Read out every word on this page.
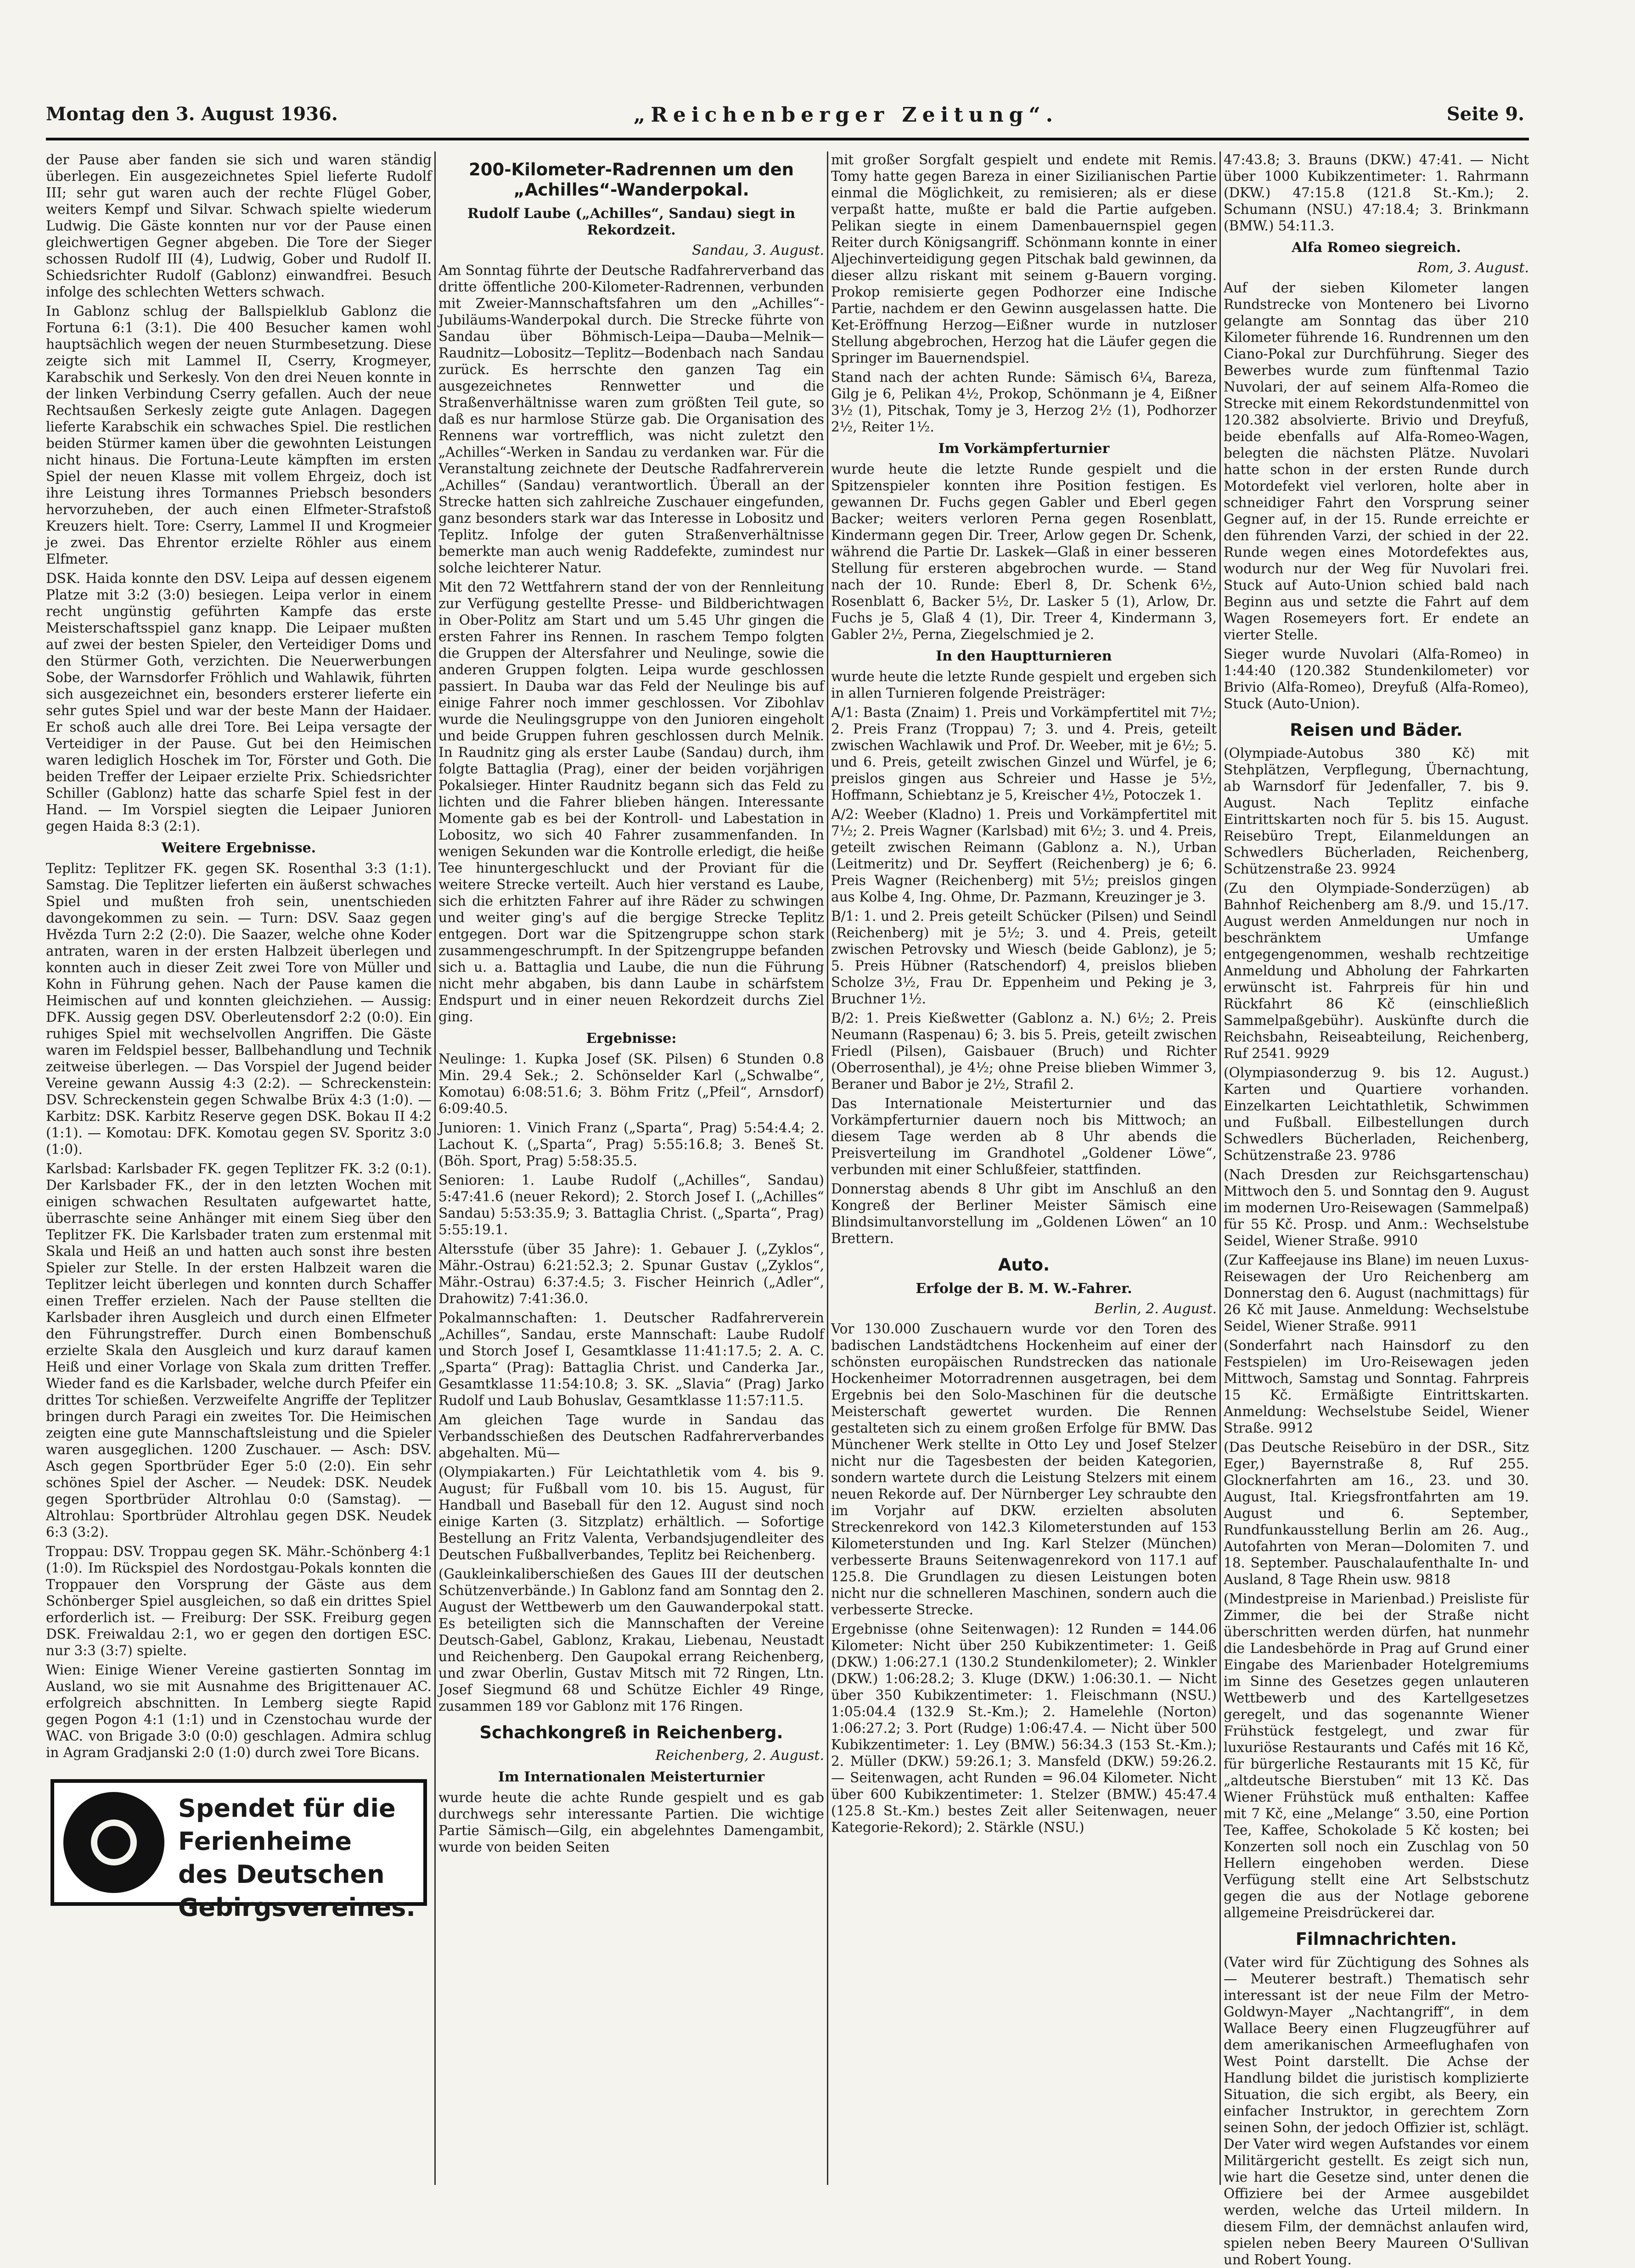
Montag den 3. August 1936.	„Reichenberger Zeitung“.	Seite 9.

der Pause aber fanden sie sich und waren ständig überlegen. Ein ausgezeichnetes Spiel lieferte Rudolf III; sehr gut waren auch der rechte Flügel Gober, weiters Kempf und Silvar. Schwach spielte wiederum Ludwig. Die Gäste konnten nur vor der Pause einen gleichwertigen Gegner abgeben. Die Tore der Sieger schossen Rudolf III (4), Ludwig, Gober und Rudolf II. Schiedsrichter Rudolf (Gablonz) einwandfrei. Besuch infolge des schlechten Wetters schwach.

In Gablonz schlug der Ballspielklub Gablonz die Fortuna 6:1 (3:1). Die 400 Besucher kamen wohl hauptsächlich wegen der neuen Sturmbesetzung. Diese zeigte sich mit Lammel II, Cserry, Krogmeyer, Karabschik und Serkesly. Von den drei Neuen konnte in der linken Verbindung Cserry gefallen. Auch der neue Rechtsaußen Serkesly zeigte gute Anlagen. Dagegen lieferte Karabschik ein schwaches Spiel. Die restlichen beiden Stürmer kamen über die gewohnten Leistungen nicht hinaus. Die Fortuna-Leute kämpften im ersten Spiel der neuen Klasse mit vollem Ehrgeiz, doch ist ihre Leistung ihres Tormannes Priebsch besonders hervorzuheben, der auch einen Elfmeter-Strafstoß Kreuzers hielt. Tore: Cserry, Lammel II und Krogmeier je zwei. Das Ehrentor erzielte Röhler aus einem Elfmeter.

DSK. Haida konnte den DSV. Leipa auf dessen eigenem Platze mit 3:2 (3:0) besiegen. Leipa verlor in einem recht ungünstig geführten Kampfe das erste Meisterschaftsspiel ganz knapp. Die Leipaer mußten auf zwei der besten Spieler, den Verteidiger Doms und den Stürmer Goth, verzichten. Die Neuerwerbungen Sobe, der Warnsdorfer Fröhlich und Wahlawik, führten sich ausgezeichnet ein, besonders ersterer lieferte ein sehr gutes Spiel und war der beste Mann der Haidaer. Er schoß auch alle drei Tore. Bei Leipa versagte der Verteidiger in der Pause. Gut bei den Heimischen waren lediglich Hoschek im Tor, Förster und Goth. Die beiden Treffer der Leipaer erzielte Prix. Schiedsrichter Schiller (Gablonz) hatte das scharfe Spiel fest in der Hand. — Im Vorspiel siegten die Leipaer Junioren gegen Haida 8:3 (2:1).

Weitere Ergebnisse.

Teplitz: Teplitzer FK. gegen SK. Rosenthal 3:3 (1:1). Samstag. Die Teplitzer lieferten ein äußerst schwaches Spiel und mußten froh sein, unentschieden davongekommen zu sein. — Turn: DSV. Saaz gegen Hvězda Turn 2:2 (2:0). Die Saazer, welche ohne Koder antraten, waren in der ersten Halbzeit überlegen und konnten auch in dieser Zeit zwei Tore von Müller und Kohn in Führung gehen. Nach der Pause kamen die Heimischen auf und konnten gleichziehen. — Aussig: DFK. Aussig gegen DSV. Oberleutensdorf 2:2 (0:0). Ein ruhiges Spiel mit wechselvollen Angriffen. Die Gäste waren im Feldspiel besser, Ballbehandlung und Technik zeitweise überlegen. — Das Vorspiel der Jugend beider Vereine gewann Aussig 4:3 (2:2). — Schreckenstein: DSV. Schreckenstein gegen Schwalbe Brüx 4:3 (1:0). — Karbitz: DSK. Karbitz Reserve gegen DSK. Bokau II 4:2 (1:1). — Komotau: DFK. Komotau gegen SV. Sporitz 3:0 (1:0).

Karlsbad: Karlsbader FK. gegen Teplitzer FK. 3:2 (0:1). Der Karlsbader FK., der in den letzten Wochen mit einigen schwachen Resultaten aufgewartet hatte, überraschte seine Anhänger mit einem Sieg über den Teplitzer FK. Die Karlsbader traten zum erstenmal mit Skala und Heiß an und hatten auch sonst ihre besten Spieler zur Stelle. In der ersten Halbzeit waren die Teplitzer leicht überlegen und konnten durch Schaffer einen Treffer erzielen. Nach der Pause stellten die Karlsbader ihren Ausgleich und durch einen Elfmeter den Führungstreffer. Durch einen Bombenschuß erzielte Skala den Ausgleich und kurz darauf kamen Heiß und einer Vorlage von Skala zum dritten Treffer. Wieder fand es die Karlsbader, welche durch Pfeifer ein drittes Tor schießen. Verzweifelte Angriffe der Teplitzer bringen durch Paragi ein zweites Tor. Die Heimischen zeigten eine gute Mannschaftsleistung und die Spieler waren ausgeglichen. 1200 Zuschauer. — Asch: DSV. Asch gegen Sportbrüder Eger 5:0 (2:0). Ein sehr schönes Spiel der Ascher. — Neudek: DSK. Neudek gegen Sportbrüder Altrohlau 0:0 (Samstag). — Altrohlau: Sportbrüder Altrohlau gegen DSK. Neudek 6:3 (3:2).

Troppau: DSV. Troppau gegen SK. Mähr.-Schönberg 4:1 (1:0). Im Rückspiel des Nordostgau-Pokals konnten die Troppauer den Vorsprung der Gäste aus dem Schönberger Spiel ausgleichen, so daß ein drittes Spiel erforderlich ist. — Freiburg: Der SSK. Freiburg gegen DSK. Freiwaldau 2:1, wo er gegen den dortigen ESC. nur 3:3 (3:7) spielte.

Wien: Einige Wiener Vereine gastierten Sonntag im Ausland, wo sie mit Ausnahme des Brigittenauer AC. erfolgreich abschnitten. In Lemberg siegte Rapid gegen Pogon 4:1 (1:1) und in Czenstochau wurde der WAC. von Brigade 3:0 (0:0) geschlagen. Admira schlug in Agram Gradjanski 2:0 (1:0) durch zwei Tore Bicans.

Spendet für die
Ferienheime
des Deutschen
Gebirgsvereines.
200-Kilometer-Radrennen um den „Achilles“-Wanderpokal.
Rudolf Laube („Achilles“, Sandau) siegt in Rekordzeit.
Sandau, 3. August.

Am Sonntag führte der Deutsche Radfahrerverband das dritte öffentliche 200-Kilometer-Radrennen, verbunden mit Zweier-Mannschaftsfahren um den „Achilles“-Jubiläums-Wanderpokal durch. Die Strecke führte von Sandau über Böhmisch-Leipa—Dauba—Melnik—Raudnitz—Lobositz—Teplitz—Bodenbach nach Sandau zurück. Es herrschte den ganzen Tag ein ausgezeichnetes Rennwetter und die Straßenverhältnisse waren zum größten Teil gute, so daß es nur harmlose Stürze gab. Die Organisation des Rennens war vortrefflich, was nicht zuletzt den „Achilles“-Werken in Sandau zu verdanken war. Für die Veranstaltung zeichnete der Deutsche Radfahrerverein „Achilles“ (Sandau) verantwortlich. Überall an der Strecke hatten sich zahlreiche Zuschauer eingefunden, ganz besonders stark war das Interesse in Lobositz und Teplitz. Infolge der guten Straßenverhältnisse bemerkte man auch wenig Raddefekte, zumindest nur solche leichterer Natur.

Mit den 72 Wettfahrern stand der von der Rennleitung zur Verfügung gestellte Presse- und Bildberichtwagen in Ober-Politz am Start und um 5.45 Uhr gingen die ersten Fahrer ins Rennen. In raschem Tempo folgten die Gruppen der Altersfahrer und Neulinge, sowie die anderen Gruppen folgten. Leipa wurde geschlossen passiert. In Dauba war das Feld der Neulinge bis auf einige Fahrer noch immer geschlossen. Vor Zibohlav wurde die Neulingsgruppe von den Junioren eingeholt und beide Gruppen fuhren geschlossen durch Melnik. In Raudnitz ging als erster Laube (Sandau) durch, ihm folgte Battaglia (Prag), einer der beiden vorjährigen Pokalsieger. Hinter Raudnitz begann sich das Feld zu lichten und die Fahrer blieben hängen. Interessante Momente gab es bei der Kontroll- und Labestation in Lobositz, wo sich 40 Fahrer zusammenfanden. In wenigen Sekunden war die Kontrolle erledigt, die heiße Tee hinuntergeschluckt und der Proviant für die weitere Strecke verteilt. Auch hier verstand es Laube, sich die erhitzten Fahrer auf ihre Räder zu schwingen und weiter ging's auf die bergige Strecke Teplitz entgegen. Dort war die Spitzengruppe schon stark zusammengeschrumpft. In der Spitzengruppe befanden sich u. a. Battaglia und Laube, die nun die Führung nicht mehr abgaben, bis dann Laube in schärfstem Endspurt und in einer neuen Rekordzeit durchs Ziel ging.

Ergebnisse:

Neulinge: 1. Kupka Josef (SK. Pilsen) 6 Stunden 0.8 Min. 29.4 Sek.; 2. Schönselder Karl („Schwalbe“, Komotau) 6:08:51.6; 3. Böhm Fritz („Pfeil“, Arnsdorf) 6:09:40.5.

Junioren: 1. Vinich Franz („Sparta“, Prag) 5:54:4.4; 2. Lachout K. („Sparta“, Prag) 5:55:16.8; 3. Beneš St. (Böh. Sport, Prag) 5:58:35.5.

Senioren: 1. Laube Rudolf („Achilles“, Sandau) 5:47:41.6 (neuer Rekord); 2. Storch Josef I. („Achilles“ Sandau) 5:53:35.9; 3. Battaglia Christ. („Sparta“, Prag) 5:55:19.1.

Altersstufe (über 35 Jahre): 1. Gebauer J. („Zyklos“, Mähr.-Ostrau) 6:21:52.3; 2. Spunar Gustav („Zyklos“, Mähr.-Ostrau) 6:37:4.5; 3. Fischer Heinrich („Adler“, Drahowitz) 7:41:36.0.

Pokalmannschaften: 1. Deutscher Radfahrerverein „Achilles“, Sandau, erste Mannschaft: Laube Rudolf und Storch Josef I, Gesamtklasse 11:41:17.5; 2. A. C. „Sparta“ (Prag): Battaglia Christ. und Canderka Jar., Gesamtklasse 11:54:10.8; 3. SK. „Slavia“ (Prag) Jarko Rudolf und Laub Bohuslav, Gesamtklasse 11:57:11.5.

Am gleichen Tage wurde in Sandau das Verbandsschießen des Deutschen Radfahrerverbandes abgehalten. Mü—

(Olympiakarten.) Für Leichtathletik vom 4. bis 9. August; für Fußball vom 10. bis 15. August, für Handball und Baseball für den 12. August sind noch einige Karten (3. Sitzplatz) erhältlich. — Sofortige Bestellung an Fritz Valenta, Verbandsjugendleiter des Deutschen Fußballverbandes, Teplitz bei Reichenberg.

(Gaukleinkaliberschießen des Gaues III der deutschen Schützenverbände.) In Gablonz fand am Sonntag den 2. August der Wettbewerb um den Gauwanderpokal statt. Es beteiligten sich die Mannschaften der Vereine Deutsch-Gabel, Gablonz, Krakau, Liebenau, Neustadt und Reichenberg. Den Gaupokal errang Reichenberg, und zwar Oberlin, Gustav Mitsch mit 72 Ringen, Ltn. Josef Siegmund 68 und Schütze Eichler 49 Ringe, zusammen 189 vor Gablonz mit 176 Ringen.

Schachkongreß in Reichenberg.
Reichenberg, 2. August.
Im Internationalen Meisterturnier

wurde heute die achte Runde gespielt und es gab durchwegs sehr interessante Partien. Die wichtige Partie Sämisch—Gilg, ein abgelehntes Damengambit, wurde von beiden Seiten

mit großer Sorgfalt gespielt und endete mit Remis. Tomy hatte gegen Bareza in einer Sizilianischen Partie einmal die Möglichkeit, zu remisieren; als er diese verpaßt hatte, mußte er bald die Partie aufgeben. Pelikan siegte in einem Damenbauernspiel gegen Reiter durch Königsangriff. Schönmann konnte in einer Aljechinverteidigung gegen Pitschak bald gewinnen, da dieser allzu riskant mit seinem g-Bauern vorging. Prokop remisierte gegen Podhorzer eine Indische Partie, nachdem er den Gewinn ausgelassen hatte. Die Ket-Eröffnung Herzog—Eißner wurde in nutzloser Stellung abgebrochen, Herzog hat die Läufer gegen die Springer im Bauernendspiel.

Stand nach der achten Runde: Sämisch 6¼, Bareza, Gilg je 6, Pelikan 4½, Prokop, Schönmann je 4, Eißner 3½ (1), Pitschak, Tomy je 3, Herzog 2½ (1), Podhorzer 2½, Reiter 1½.

Im Vorkämpferturnier

wurde heute die letzte Runde gespielt und die Spitzenspieler konnten ihre Position festigen. Es gewannen Dr. Fuchs gegen Gabler und Eberl gegen Backer; weiters verloren Perna gegen Rosenblatt, Kindermann gegen Dir. Treer, Arlow gegen Dr. Schenk, während die Partie Dr. Laskek—Glaß in einer besseren Stellung für ersteren abgebrochen wurde. — Stand nach der 10. Runde: Eberl 8, Dr. Schenk 6½, Rosenblatt 6, Backer 5½, Dr. Lasker 5 (1), Arlow, Dr. Fuchs je 5, Glaß 4 (1), Dir. Treer 4, Kindermann 3, Gabler 2½, Perna, Ziegelschmied je 2.

In den Hauptturnieren

wurde heute die letzte Runde gespielt und ergeben sich in allen Turnieren folgende Preisträger:

A/1: Basta (Znaim) 1. Preis und Vorkämpfertitel mit 7½; 2. Preis Franz (Troppau) 7; 3. und 4. Preis, geteilt zwischen Wachlawik und Prof. Dr. Weeber, mit je 6½; 5. und 6. Preis, geteilt zwischen Ginzel und Würfel, je 6; preislos gingen aus Schreier und Hasse je 5½, Hoffmann, Schiebtanz je 5, Kreischer 4½, Potoczek 1.

A/2: Weeber (Kladno) 1. Preis und Vorkämpfertitel mit 7½; 2. Preis Wagner (Karlsbad) mit 6½; 3. und 4. Preis, geteilt zwischen Reimann (Gablonz a. N.), Urban (Leitmeritz) und Dr. Seyffert (Reichenberg) je 6; 6. Preis Wagner (Reichenberg) mit 5½; preislos gingen aus Kolbe 4, Ing. Ohme, Dr. Pazmann, Kreuzinger je 3.

B/1: 1. und 2. Preis geteilt Schücker (Pilsen) und Seindl (Reichenberg) mit je 5½; 3. und 4. Preis, geteilt zwischen Petrovsky und Wiesch (beide Gablonz), je 5; 5. Preis Hübner (Ratschendorf) 4, preislos blieben Scholze 3½, Frau Dr. Eppenheim und Peking je 3, Bruchner 1½.

B/2: 1. Preis Kießwetter (Gablonz a. N.) 6½; 2. Preis Neumann (Raspenau) 6; 3. bis 5. Preis, geteilt zwischen Friedl (Pilsen), Gaisbauer (Bruch) und Richter (Oberrosenthal), je 4½; ohne Preise blieben Wimmer 3, Beraner und Babor je 2½, Strafil 2.

Das Internationale Meisterturnier und das Vorkämpferturnier dauern noch bis Mittwoch; an diesem Tage werden ab 8 Uhr abends die Preisverteilung im Grandhotel „Goldener Löwe“, verbunden mit einer Schlußfeier, stattfinden.

Donnerstag abends 8 Uhr gibt im Anschluß an den Kongreß der Berliner Meister Sämisch eine Blindsimultanvorstellung im „Goldenen Löwen“ an 10 Brettern.

Auto.
Erfolge der B. M. W.-Fahrer.
Berlin, 2. August.

Vor 130.000 Zuschauern wurde vor den Toren des badischen Landstädtchens Hockenheim auf einer der schönsten europäischen Rundstrecken das nationale Hockenheimer Motorradrennen ausgetragen, bei dem Ergebnis bei den Solo-Maschinen für die deutsche Meisterschaft gewertet wurden. Die Rennen gestalteten sich zu einem großen Erfolge für BMW. Das Münchener Werk stellte in Otto Ley und Josef Stelzer nicht nur die Tagesbesten der beiden Kategorien, sondern wartete durch die Leistung Stelzers mit einem neuen Rekorde auf. Der Nürnberger Ley schraubte den im Vorjahr auf DKW. erzielten absoluten Streckenrekord von 142.3 Kilometerstunden auf 153 Kilometerstunden und Ing. Karl Stelzer (München) verbesserte Brauns Seitenwagenrekord von 117.1 auf 125.8. Die Grundlagen zu diesen Leistungen boten nicht nur die schnelleren Maschinen, sondern auch die verbesserte Strecke.

Ergebnisse (ohne Seitenwagen): 12 Runden = 144.06 Kilometer: Nicht über 250 Kubikzentimeter: 1. Geiß (DKW.) 1:06:27.1 (130.2 Stundenkilometer); 2. Winkler (DKW.) 1:06:28.2; 3. Kluge (DKW.) 1:06:30.1. — Nicht über 350 Kubikzentimeter: 1. Fleischmann (NSU.) 1:05:04.4 (132.9 St.-Km.); 2. Hamelehle (Norton) 1:06:27.2; 3. Port (Rudge) 1:06:47.4. — Nicht über 500 Kubikzentimeter: 1. Ley (BMW.) 56:34.3 (153 St.-Km.); 2. Müller (DKW.) 59:26.1; 3. Mansfeld (DKW.) 59:26.2. — Seitenwagen, acht Runden = 96.04 Kilometer. Nicht über 600 Kubikzentimeter: 1. Stelzer (BMW.) 45:47.4 (125.8 St.-Km.) bestes Zeit aller Seitenwagen, neuer Kategorie-Rekord); 2. Stärkle (NSU.)

47:43.8; 3. Brauns (DKW.) 47:41. — Nicht über 1000 Kubikzentimeter: 1. Rahrmann (DKW.) 47:15.8 (121.8 St.-Km.); 2. Schumann (NSU.) 47:18.4; 3. Brinkmann (BMW.) 54:11.3.

Alfa Romeo siegreich.
Rom, 3. August.

Auf der sieben Kilometer langen Rundstrecke von Montenero bei Livorno gelangte am Sonntag das über 210 Kilometer führende 16. Rundrennen um den Ciano-Pokal zur Durchführung. Sieger des Bewerbes wurde zum fünftenmal Tazio Nuvolari, der auf seinem Alfa-Romeo die Strecke mit einem Rekordstundenmittel von 120.382 absolvierte. Brivio und Dreyfuß, beide ebenfalls auf Alfa-Romeo-Wagen, belegten die nächsten Plätze. Nuvolari hatte schon in der ersten Runde durch Motordefekt viel verloren, holte aber in schneidiger Fahrt den Vorsprung seiner Gegner auf, in der 15. Runde erreichte er den führenden Varzi, der schied in der 22. Runde wegen eines Motordefektes aus, wodurch nur der Weg für Nuvolari frei. Stuck auf Auto-Union schied bald nach Beginn aus und setzte die Fahrt auf dem Wagen Rosemeyers fort. Er endete an vierter Stelle.

Sieger wurde Nuvolari (Alfa-Romeo) in 1:44:40 (120.382 Stundenkilometer) vor Brivio (Alfa-Romeo), Dreyfuß (Alfa-Romeo), Stuck (Auto-Union).

Reisen und Bäder.

(Olympiade-Autobus 380 Kč) mit Stehplätzen, Verpflegung, Übernachtung, ab Warnsdorf für Jedenfaller, 7. bis 9. August. Nach Teplitz einfache Eintrittskarten noch für 5. bis 15. August. Reisebüro Trept, Eilanmeldungen an Schwedlers Bücherladen, Reichenberg, Schützenstraße 23. 9924

(Zu den Olympiade-Sonderzügen) ab Bahnhof Reichenberg am 8./9. und 15./17. August werden Anmeldungen nur noch in beschränktem Umfange entgegengenommen, weshalb rechtzeitige Anmeldung und Abholung der Fahrkarten erwünscht ist. Fahrpreis für hin und Rückfahrt 86 Kč (einschließlich Sammelpaßgebühr). Auskünfte durch die Reichsbahn, Reiseabteilung, Reichenberg, Ruf 2541. 9929

(Olympiasonderzug 9. bis 12. August.) Karten und Quartiere vorhanden. Einzelkarten Leichtathletik, Schwimmen und Fußball. Eilbestellungen durch Schwedlers Bücherladen, Reichenberg, Schützenstraße 23. 9786

(Nach Dresden zur Reichsgartenschau) Mittwoch den 5. und Sonntag den 9. August im modernen Uro-Reisewagen (Sammelpaß) für 55 Kč. Prosp. und Anm.: Wechselstube Seidel, Wiener Straße. 9910

(Zur Kaffeejause ins Blane) im neuen Luxus-Reisewagen der Uro Reichenberg am Donnerstag den 6. August (nachmittags) für 26 Kč mit Jause. Anmeldung: Wechselstube Seidel, Wiener Straße. 9911

(Sonderfahrt nach Hainsdorf zu den Festspielen) im Uro-Reisewagen jeden Mittwoch, Samstag und Sonntag. Fahrpreis 15 Kč. Ermäßigte Eintrittskarten. Anmeldung: Wechselstube Seidel, Wiener Straße. 9912

(Das Deutsche Reisebüro in der DSR., Sitz Eger,) Bayernstraße 8, Ruf 255. Glocknerfahrten am 16., 23. und 30. August, Ital. Kriegsfrontfahrten am 19. August und 6. September, Rundfunkausstellung Berlin am 26. Aug., Autofahrten von Meran—Dolomiten 7. und 18. September. Pauschalaufenthalte In- und Ausland, 8 Tage Rhein usw. 9818

(Mindestpreise in Marienbad.) Preisliste für Zimmer, die bei der Straße nicht überschritten werden dürfen, hat nunmehr die Landesbehörde in Prag auf Grund einer Eingabe des Marienbader Hotelgremiums im Sinne des Gesetzes gegen unlauteren Wettbewerb und des Kartellgesetzes geregelt, und das sogenannte Wiener Frühstück festgelegt, und zwar für luxuriöse Restaurants und Cafés mit 16 Kč, für bürgerliche Restaurants mit 15 Kč, für „altdeutsche Bierstuben“ mit 13 Kč. Das Wiener Frühstück muß enthalten: Kaffee mit 7 Kč, eine „Melange“ 3.50, eine Portion Tee, Kaffee, Schokolade 5 Kč kosten; bei Konzerten soll noch ein Zuschlag von 50 Hellern eingehoben werden. Diese Verfügung stellt eine Art Selbstschutz gegen die aus der Notlage geborene allgemeine Preisdrückerei dar.

Filmnachrichten.

(Vater wird für Züchtigung des Sohnes als — Meuterer bestraft.) Thematisch sehr interessant ist der neue Film der Metro-Goldwyn-Mayer „Nachtangriff“, in dem Wallace Beery einen Flugzeugführer auf dem amerikanischen Armeeflughafen von West Point darstellt. Die Achse der Handlung bildet die juristisch komplizierte Situation, die sich ergibt, als Beery, ein einfacher Instruktor, in gerechtem Zorn seinen Sohn, der jedoch Offizier ist, schlägt. Der Vater wird wegen Aufstandes vor einem Militärgericht gestellt. Es zeigt sich nun, wie hart die Gesetze sind, unter denen die Offiziere bei der Armee ausgebildet werden, welche das Urteil mildern. In diesem Film, der demnächst anlaufen wird, spielen neben Beery Maureen O'Sullivan und Robert Young.
